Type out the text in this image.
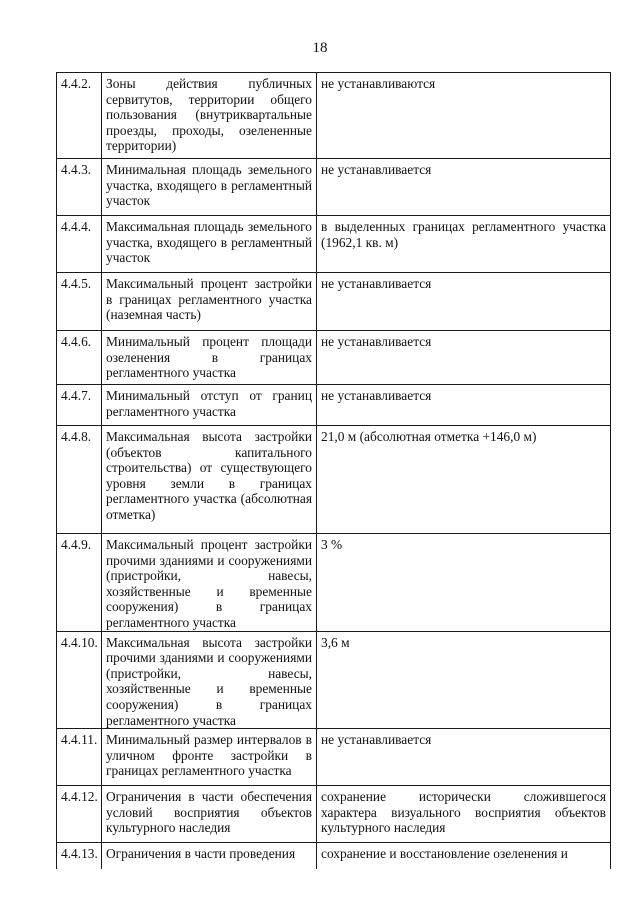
18
4.4.2.	Зоны действия публичных сервитутов, территории общего пользования (внутриквартальные проезды, проходы, озелененные территории)	не устанавливаются
4.4.3.	Минимальная площадь земельного участка, входящего в регламентный участок	не устанавливается
4.4.4.	Максимальная площадь земельного участка, входящего в регламентный участок	в выделенных границах регламентного участка (1962,1 кв. м)
4.4.5.	Максимальный процент застройки в границах регламентного участка (наземная часть)	не устанавливается
4.4.6.	Минимальный процент площади озеленения в границах регламентного участка	не устанавливается
4.4.7.	Минимальный отступ от границ регламентного участка	не устанавливается
4.4.8.	Максимальная высота застройки (объектов капитального строительства) от существующего уровня земли в границах регламентного участка (абсолютная отметка)	21,0 м (абсолютная отметка +146,0 м)
4.4.9.	Максимальный процент застройки прочими зданиями и сооружениями (пристройки, навесы, хозяйственные и временные сооружения) в границах регламентного участка	3 %
4.4.10.	Максимальная высота застройки прочими зданиями и сооружениями (пристройки, навесы, хозяйственные и временные сооружения) в границах регламентного участка	3,6 м
4.4.11.	Минимальный размер интервалов в уличном фронте застройки в границах регламентного участка	не устанавливается
4.4.12.	Ограничения в части обеспечения условий восприятия объектов культурного наследия	сохранение исторически сложившегося характера визуального восприятия объектов культурного наследия
4.4.13.	Ограничения в части проведения	сохранение и восстановление озеленения и
